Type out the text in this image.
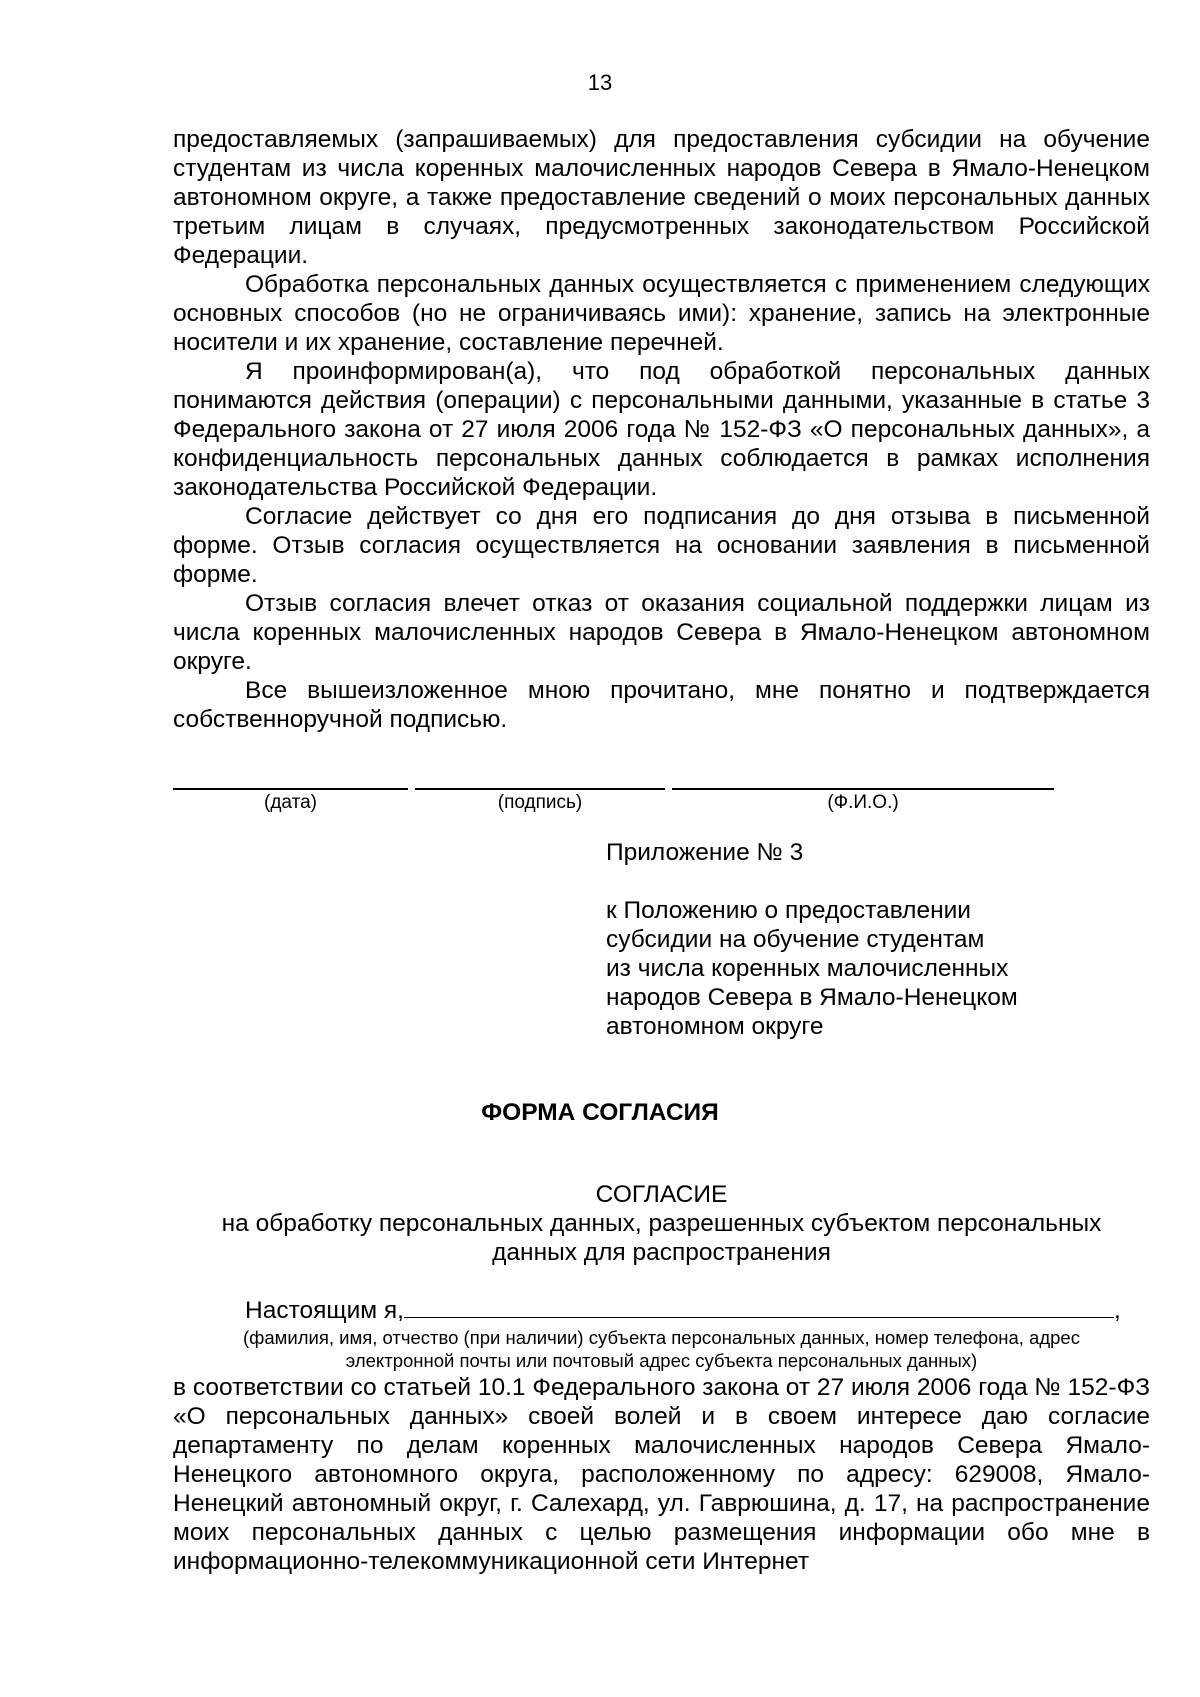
13

предоставляемых (запрашиваемых) для предоставления субсидии на обучение студентам из числа коренных малочисленных народов Севера в Ямало-Ненецком автономном округе, а также предоставление сведений о моих персональных данных третьим лицам в случаях, предусмотренных законодательством Российской Федерации.

Обработка персональных данных осуществляется с применением следующих основных способов (но не ограничиваясь ими): хранение, запись на электронные носители и их хранение, составление перечней.

Я проинформирован(а), что под обработкой персональных данных понимаются действия (операции) с персональными данными, указанные в статье 3 Федерального закона от 27 июля 2006 года № 152-ФЗ «О персональных данных», а конфиденциальность персональных данных соблюдается в рамках исполнения законодательства Российской Федерации.

Согласие действует со дня его подписания до дня отзыва в письменной форме. Отзыв согласия осуществляется на основании заявления в письменной форме.

Отзыв согласия влечет отказ от оказания социальной поддержки лицам из числа коренных малочисленных народов Севера в Ямало-Ненецком автономном округе.

Все вышеизложенное мною прочитано, мне понятно и подтверждается собственноручной подписью.

(дата)	(подпись)	(Ф.И.О.)
Приложение № 3
к Положению о предоставлении
субсидии на обучение студентам
из числа коренных малочисленных
народов Севера в Ямало-Ненецком
автономном округе
ФОРМА СОГЛАСИЯ
СОГЛАСИЕ
на обработку персональных данных, разрешенных субъектом персональных
данных для распространения
Настоящим я,	,
(фамилия, имя, отчество (при наличии) субъекта персональных данных, номер телефона, адрес
электронной почты или почтовый адрес субъекта персональных данных)

в соответствии со статьей 10.1 Федерального закона от 27 июля 2006 года № 152-ФЗ «О персональных данных» своей волей и в своем интересе даю согласие департаменту по делам коренных малочисленных народов Севера Ямало-Ненецкого автономного округа, расположенному по адресу: 629008, Ямало-Ненецкий автономный округ, г. Салехард, ул. Гаврюшина, д. 17, на распространение моих персональных данных с целью размещения информации обо мне в информационно-телекоммуникационной сети Интернет
